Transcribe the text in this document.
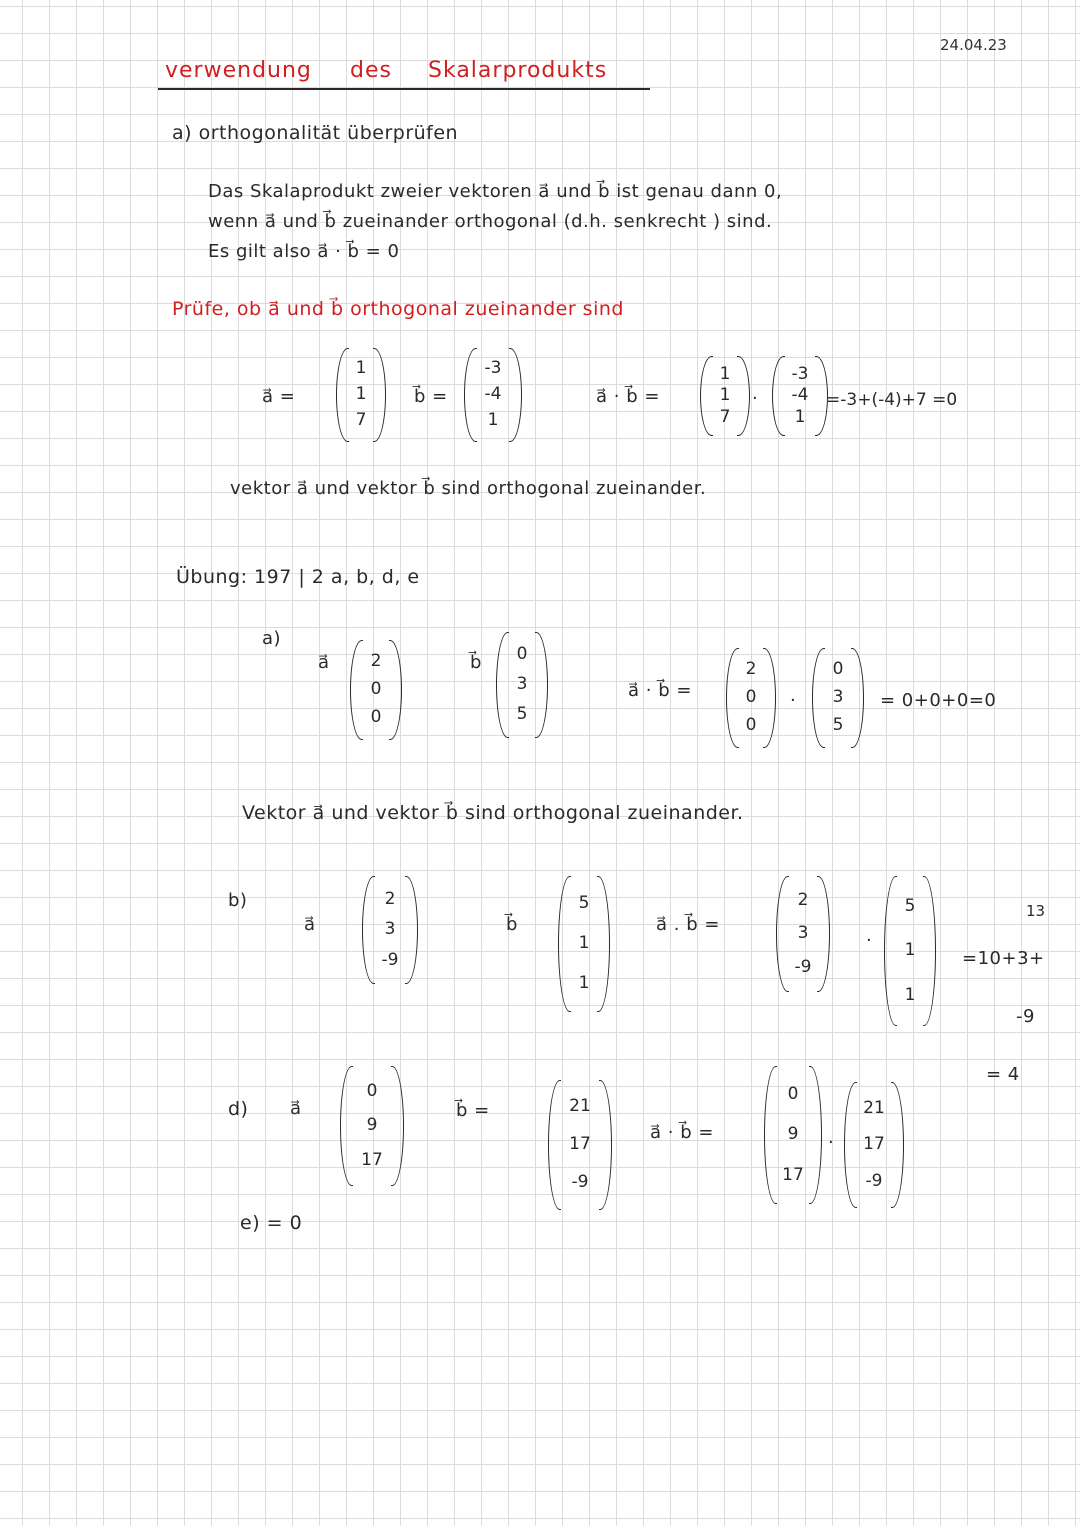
24.04.23
verwendung des Skalarprodukts
a) orthogonalität überprüfen
Das Skalaprodukt zweier vektoren a⃗ und b⃗ ist genau dann 0,
wenn a⃗ und b⃗ zueinander orthogonal (d.h. senkrecht ) sind.
Es gilt also a⃗ · b⃗ = 0
Prüfe, ob a⃗ und b⃗ orthogonal zueinander sind
a⃗ =
1
1
7
b⃗ =
-3
-4
1
a⃗ · b⃗ =
1
1
7
·
-3
-4
1
=-3+(-4)+7 =0
vektor a⃗ und vektor b⃗ sind orthogonal zueinander.
Übung: 197 | 2 a, b, d, e
a)
a⃗ 2
0
0
b⃗ 0
3
5
a⃗ · b⃗ =
2
0
0
·
0
3
5
= 0+0+0=0
Vektor a⃗ und vektor b⃗ sind orthogonal zueinander.
b)
a⃗
2
3
-9
b⃗
5
1
1
a⃗ . b⃗ =
2
3
-9
·
5
1
1
13
=10+3+
-9
= 4
d) a⃗
0
9
17
b⃗ =	21
17
-9
a⃗ · b⃗ =
0
9
17
·
21
17
-9
e) = 0
